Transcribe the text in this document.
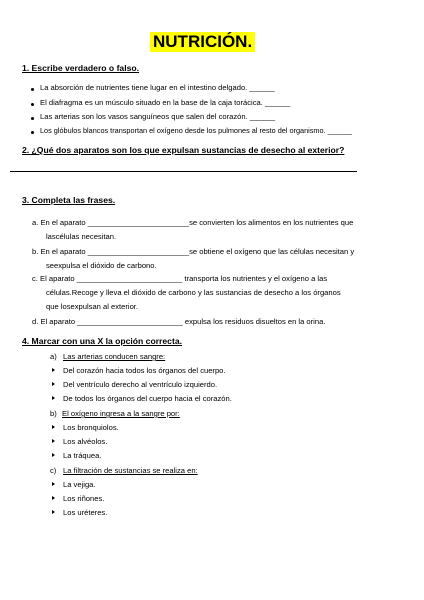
NUTRICIÓN.
1. Escribe verdadero o falso.
La absorción de nutrientes tiene lugar en el intestino delgado. ______
El diafragma es un músculo situado en la base de la caja torácica. ______
Las arterias son los vasos sanguíneos que salen del corazón. ______
Los glóbulos blancos transportan el oxígeno desde los pulmones al resto del organismo. ______
2. ¿Qué dos aparatos son los que expulsan sustancias de desecho al exterior?
3. Completa las frases.
a. En el aparato ________________________se convierten los alimentos en los nutrientes que
lascélulas necesitan.
b. En el aparato ________________________se obtiene el oxígeno que las células necesitan y
seexpulsa el dióxido de carbono.
c. El aparato _________________________ transporta los nutrientes y el oxígeno a las
células.Recoge y lleva el dióxido de carbono y las sustancias de desecho a los órganos
que losexpulsan al exterior.
d. El aparato _________________________ expulsa los residuos disueltos en la orina.
4. Marcar con una X la opción correcta.
a) Las arterias conducen sangre:
Del corazón hacia todos los órganos del cuerpo.
Del ventrículo derecho al ventrículo izquierdo.
De todos los órganos del cuerpo hacia el corazón.
b) El oxígeno ingresa a la sangre por:
Los bronquiolos.
Los alvéolos.
La tráquea.
c) La filtración de sustancias se realiza en:
La vejiga.
Los riñones.
Los uréteres.
